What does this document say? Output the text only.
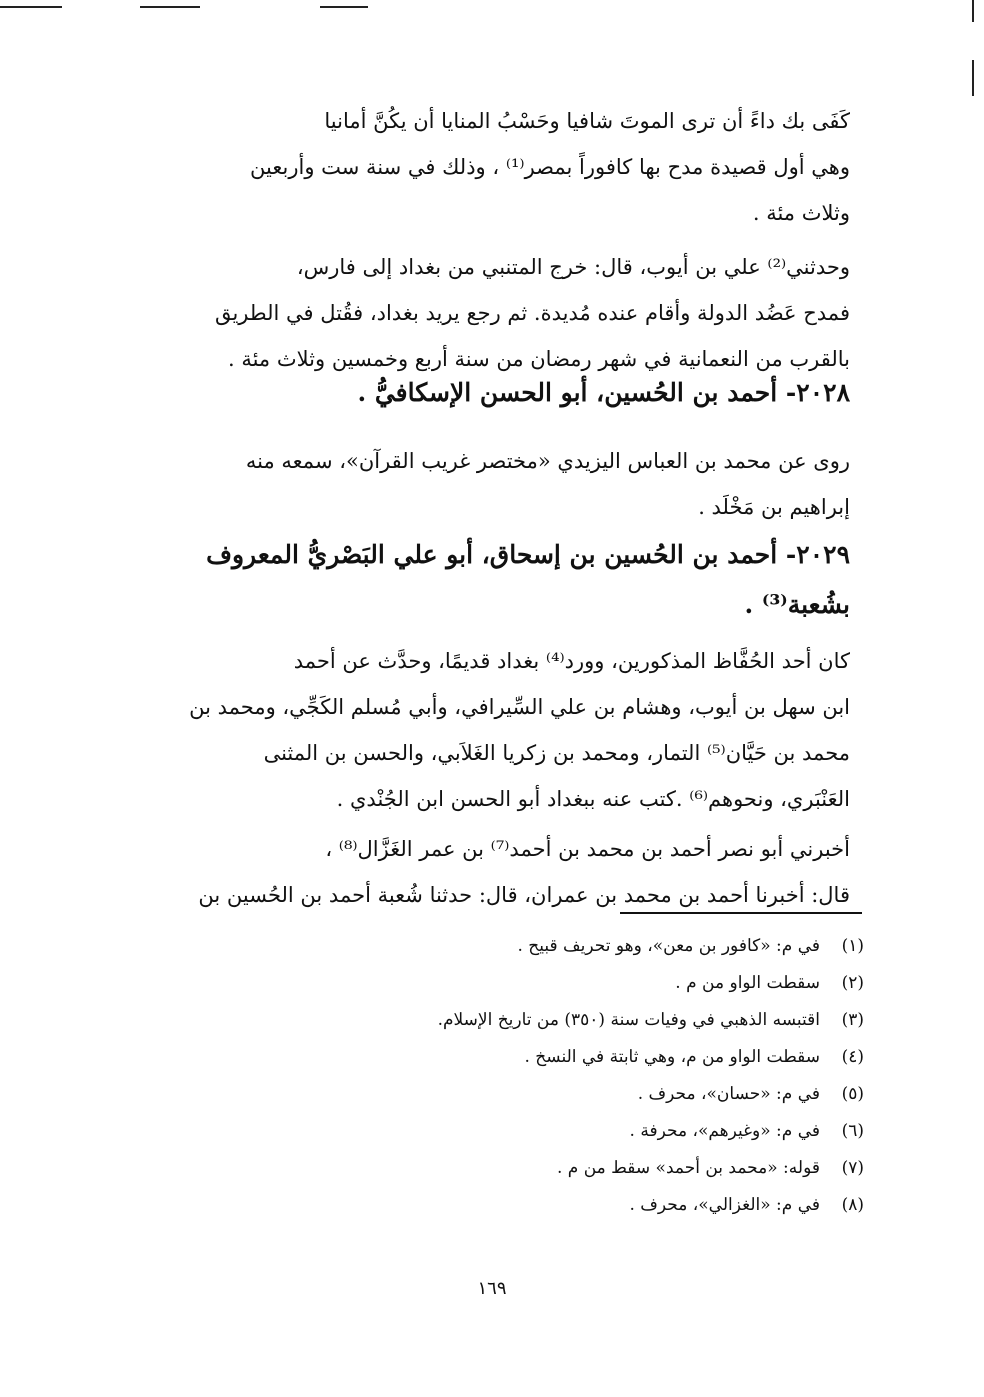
كَفَى بك داءً أن ترى الموتَ شافيا وحَسْبُ المنايا أن يكُنَّ أمانيا
وهي أول قصيدة مدح بها كافوراً بمصر⁽¹⁾ ، وذلك في سنة ست وأربعين
وثلاث مئة .
وحدثني⁽²⁾ علي بن أيوب، قال: خرج المتنبي من بغداد إلى فارس،
فمدح عَضُد الدولة وأقام عنده مُديدة. ثم رجع يريد بغداد، فقُتل في الطريق
بالقرب من النعمانية في شهر رمضان من سنة أربع وخمسين وثلاث مئة .
٢٠٢٨- أحمد بن الحُسين، أبو الحسن الإسكافيُّ .
روى عن محمد بن العباس اليزيدي «مختصر غريب القرآن»، سمعه منه
إبراهيم بن مَخْلَد .
٢٠٢٩- أحمد بن الحُسين بن إسحاق، أبو علي البَصْريُّ المعروف
بشُعبة⁽³⁾ .
كان أحد الحُفَّاظ المذكورين، وورد⁽⁴⁾ بغداد قديمًا، وحدَّث عن أحمد
ابن سهل بن أيوب، وهشام بن علي السِّيرافي، وأبي مُسلم الكَجِّي، ومحمد بن
محمد بن حَيَّان⁽⁵⁾ التمار، ومحمد بن زكريا الغَلاَبي، والحسن بن المثنى
العَنْبَري، ونحوهم⁽⁶⁾ .كتب عنه ببغداد أبو الحسن ابن الجُنْدي .
أخبرني أبو نصر أحمد بن محمد بن أحمد⁽⁷⁾ بن عمر الغَزَّال⁽⁸⁾ ،
قال: أخبرنا أحمد بن محمد بن عمران، قال: حدثنا شُعبة أحمد بن الحُسين بن
(١)
في م: «كافور بن معن»، وهو تحريف قبيح .
(٢)
سقطت الواو من م .
(٣)
اقتبسه الذهبي في وفيات سنة (٣٥٠) من تاريخ الإسلام.
(٤)
سقطت الواو من م، وهي ثابتة في النسخ .
(٥)
في م: «حسان»، محرف .
(٦)
في م: «وغيرهم»، محرفة .
(٧)
قوله: «محمد بن أحمد» سقط من م .
(٨)
في م: «الغزالي»، محرف .
١٦٩
